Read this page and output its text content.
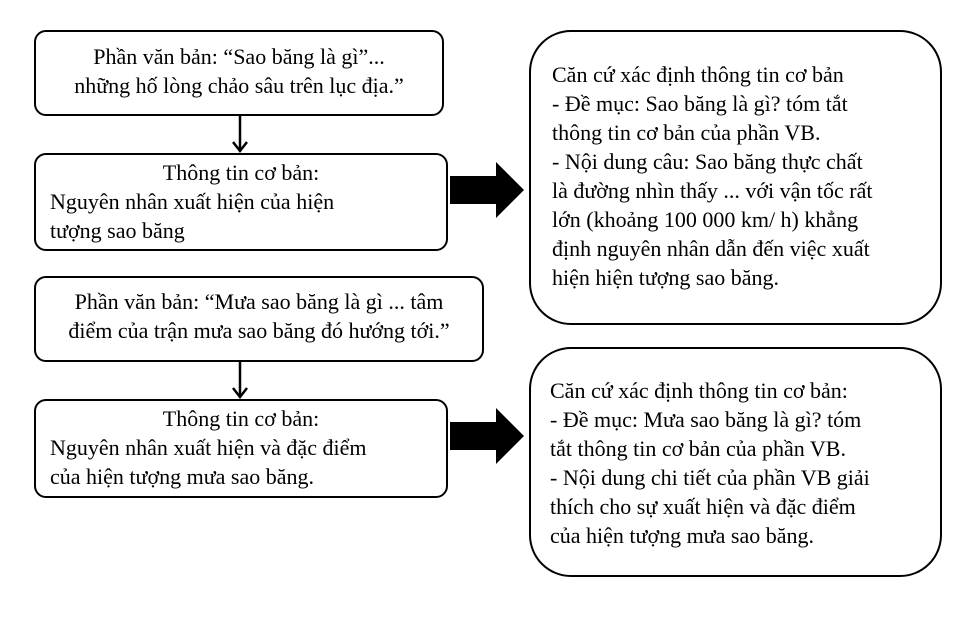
Phần văn bản: “Sao băng là gì”...
những hố lòng chảo sâu trên lục địa.”
Thông tin cơ bản:
Nguyên nhân xuất hiện của hiện
tượng sao băng
Căn cứ xác định thông tin cơ bản
- Đề mục: Sao băng là gì? tóm tắt
thông tin cơ bản của phần VB.
- Nội dung câu: Sao băng thực chất
là đường nhìn thấy ... với vận tốc rất
lớn (khoảng 100 000 km/ h) khẳng
định nguyên nhân dẫn đến việc xuất
hiện hiện tượng sao băng.
Phần văn bản: “Mưa sao băng là gì ... tâm
điểm của trận mưa sao băng đó hướng tới.”
Thông tin cơ bản:
Nguyên nhân xuất hiện và đặc điểm
của hiện tượng mưa sao băng.
Căn cứ xác định thông tin cơ bản:
- Đề mục: Mưa sao băng là gì? tóm
tắt thông tin cơ bản của phần VB.
- Nội dung chi tiết của phần VB giải
thích cho sự xuất hiện và đặc điểm
của hiện tượng mưa sao băng.
